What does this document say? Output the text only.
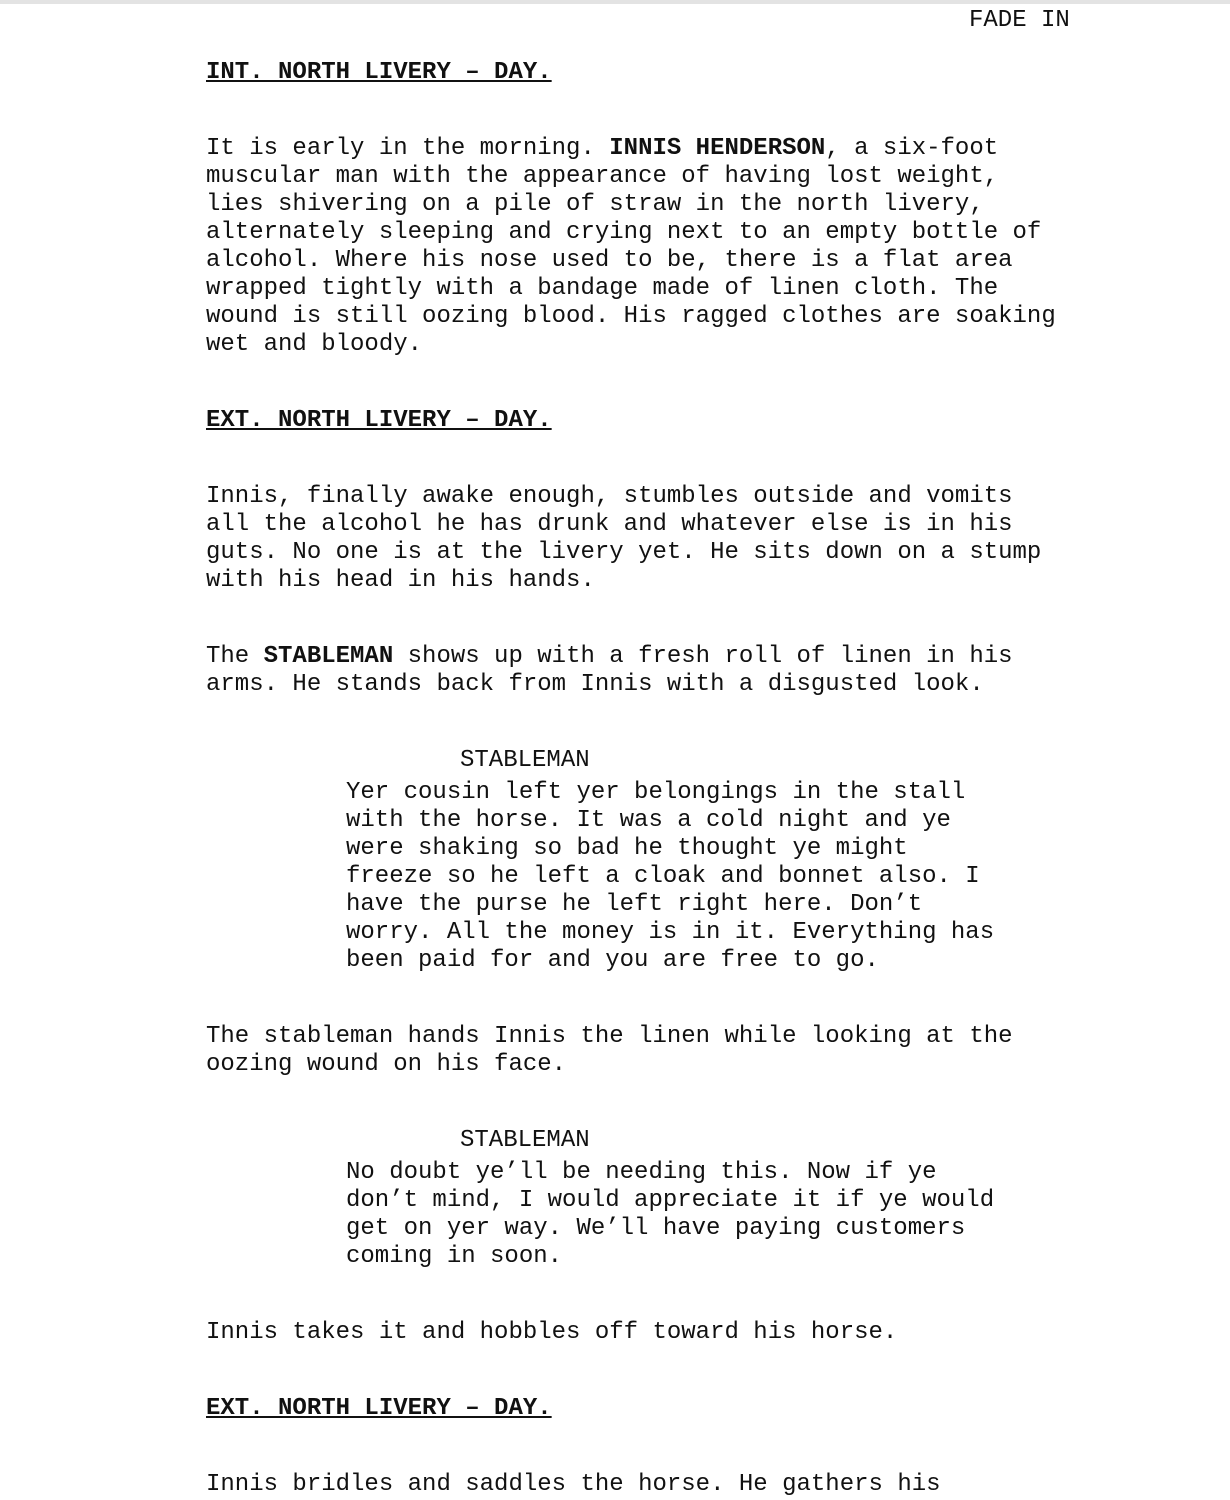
FADE IN
INT. NORTH LIVERY – DAY.
It is early in the morning. INNIS HENDERSON, a six-foot
muscular man with the appearance of having lost weight,
lies shivering on a pile of straw in the north livery,
alternately sleeping and crying next to an empty bottle of
alcohol. Where his nose used to be, there is a flat area
wrapped tightly with a bandage made of linen cloth. The
wound is still oozing blood. His ragged clothes are soaking
wet and bloody.
EXT. NORTH LIVERY – DAY.
Innis, finally awake enough, stumbles outside and vomits
all the alcohol he has drunk and whatever else is in his
guts. No one is at the livery yet. He sits down on a stump
with his head in his hands.
The STABLEMAN shows up with a fresh roll of linen in his
arms. He stands back from Innis with a disgusted look.
STABLEMAN
Yer cousin left yer belongings in the stall
with the horse. It was a cold night and ye
were shaking so bad he thought ye might
freeze so he left a cloak and bonnet also. I
have the purse he left right here. Don’t
worry. All the money is in it. Everything has
been paid for and you are free to go.
The stableman hands Innis the linen while looking at the
oozing wound on his face.
STABLEMAN
No doubt ye’ll be needing this. Now if ye
don’t mind, I would appreciate it if ye would
get on yer way. We’ll have paying customers
coming in soon.
Innis takes it and hobbles off toward his horse.
EXT. NORTH LIVERY – DAY.
Innis bridles and saddles the horse. He gathers his
